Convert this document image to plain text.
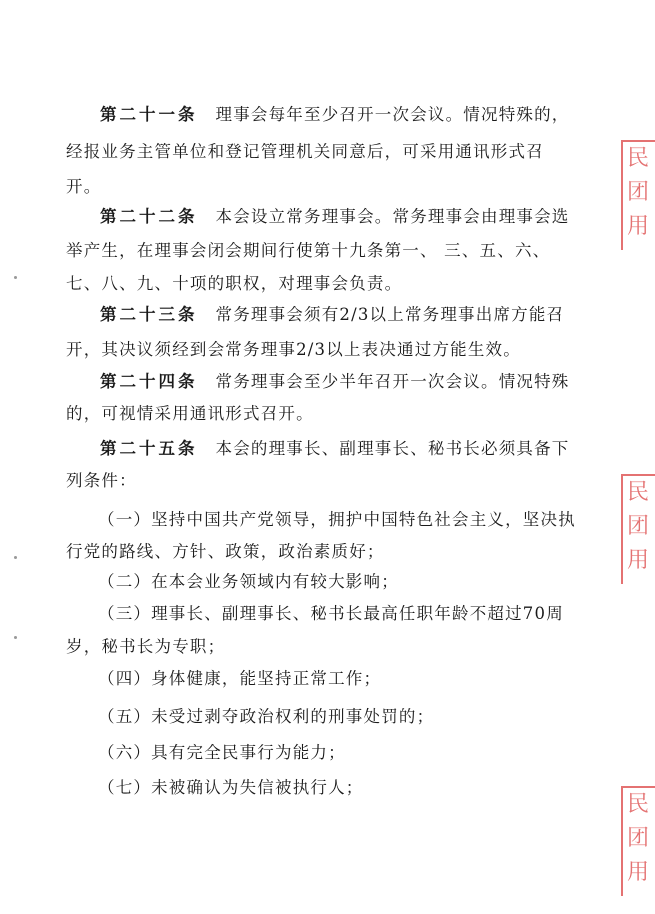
第二十一条 理事会每年至少召开一次会议。情况特殊的，
经报业务主管单位和登记管理机关同意后，可采用通讯形式召
开。
第二十二条 本会设立常务理事会。常务理事会由理事会选
举产生，在理事会闭会期间行使第十九条第一、 三、五、六、
七、八、九、十项的职权，对理事会负责。
第二十三条 常务理事会须有2/3以上常务理事出席方能召
开，其决议须经到会常务理事2/3以上表决通过方能生效。
第二十四条 常务理事会至少半年召开一次会议。情况特殊
的，可视情采用通讯形式召开。
第二十五条 本会的理事长、副理事长、秘书长必须具备下
列条件：
（一）坚持中国共产党领导，拥护中国特色社会主义，坚决执
行党的路线、方针、政策，政治素质好；
（二）在本会业务领域内有较大影响；
（三）理事长、副理事长、秘书长最高任职年龄不超过70周
岁，秘书长为专职；
（四）身体健康，能坚持正常工作；
（五）未受过剥夺政治权利的刑事处罚的；
（六）具有完全民事行为能力；
（七）未被确认为失信被执行人；
民
团
用
民
团
用
民
团
用
